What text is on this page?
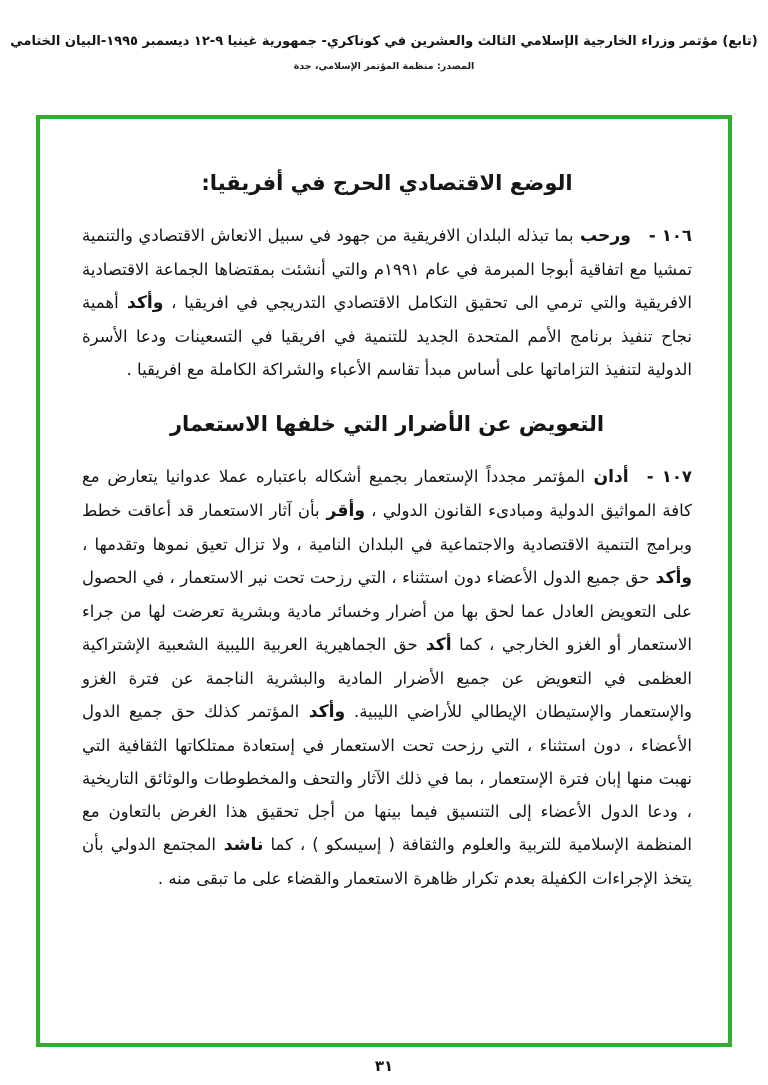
(تابع) مؤتمر وزراء الخارجية الإسلامي الثالث والعشرين في كوناكري- جمهورية غينيا ٩-١٢ ديسمبر ١٩٩٥-البيان الختامي
المصدر: منظمة المؤتمر الإسلامي، جدة
الوضع الاقتصادي الحرج في أفريقيا:

١٠٦ -ورحب بما تبذله البلدان الافريقية من جهود في سبيل الانعاش الاقتصادي والتنمية تمشيا مع اتفاقية أبوجا المبرمة في عام ١٩٩١م والتي أنشئت بمقتضاها الجماعة الاقتصادية الافريقية والتي ترمي الى تحقيق التكامل الاقتصادي التدريجي في افريقيا ، وأكد أهمية نجاح تنفيذ برنامج الأمم المتحدة الجديد للتنمية في افريقيا في التسعينات ودعا الأسرة الدولية لتنفيذ التزاماتها على أساس مبدأ تقاسم الأعباء والشراكة الكاملة مع افريقيا .

التعويض عن الأضرار التي خلفها الاستعمار

١٠٧ -أدان المؤتمر مجدداً الإستعمار بجميع أشكاله باعتباره عملا عدوانيا يتعارض مع كافة المواثيق الدولية ومبادىء القانون الدولي ، وأقر بأن آثار الاستعمار قد أعاقت خطط وبرامج التنمية الاقتصادية والاجتماعية في البلدان النامية ، ولا تزال تعيق نموها وتقدمها ، وأكد حق جميع الدول الأعضاء دون استثناء ، التي رزحت تحت نير الاستعمار ، في الحصول على التعويض العادل عما لحق بها من أضرار وخسائر مادية وبشرية تعرضت لها من جراء الاستعمار أو الغزو الخارجي ، كما أكد حق الجماهيرية العربية الليبية الشعبية الإشتراكية العظمى في التعويض عن جميع الأضرار المادية والبشرية الناجمة عن فترة الغزو والإستعمار والإستيطان الإيطالي للأراضي الليبية. وأكد المؤتمر كذلك حق جميع الدول الأعضاء ، دون استثناء ، التي رزحت تحت الاستعمار في إستعادة ممتلكاتها الثقافية التي نهبت منها إبان فترة الإستعمار ، بما في ذلك الآثار والتحف والمخطوطات والوثائق التاريخية ، ودعا الدول الأعضاء إلى التنسيق فيما بينها من أجل تحقيق هذا الغرض بالتعاون مع المنظمة الإسلامية للتربية والعلوم والثقافة ( إسيسكو ) ، كما ناشد المجتمع الدولي بأن يتخذ الإجراءات الكفيلة بعدم تكرار ظاهرة الاستعمار والقضاء على ما تبقى منه .

٣١
